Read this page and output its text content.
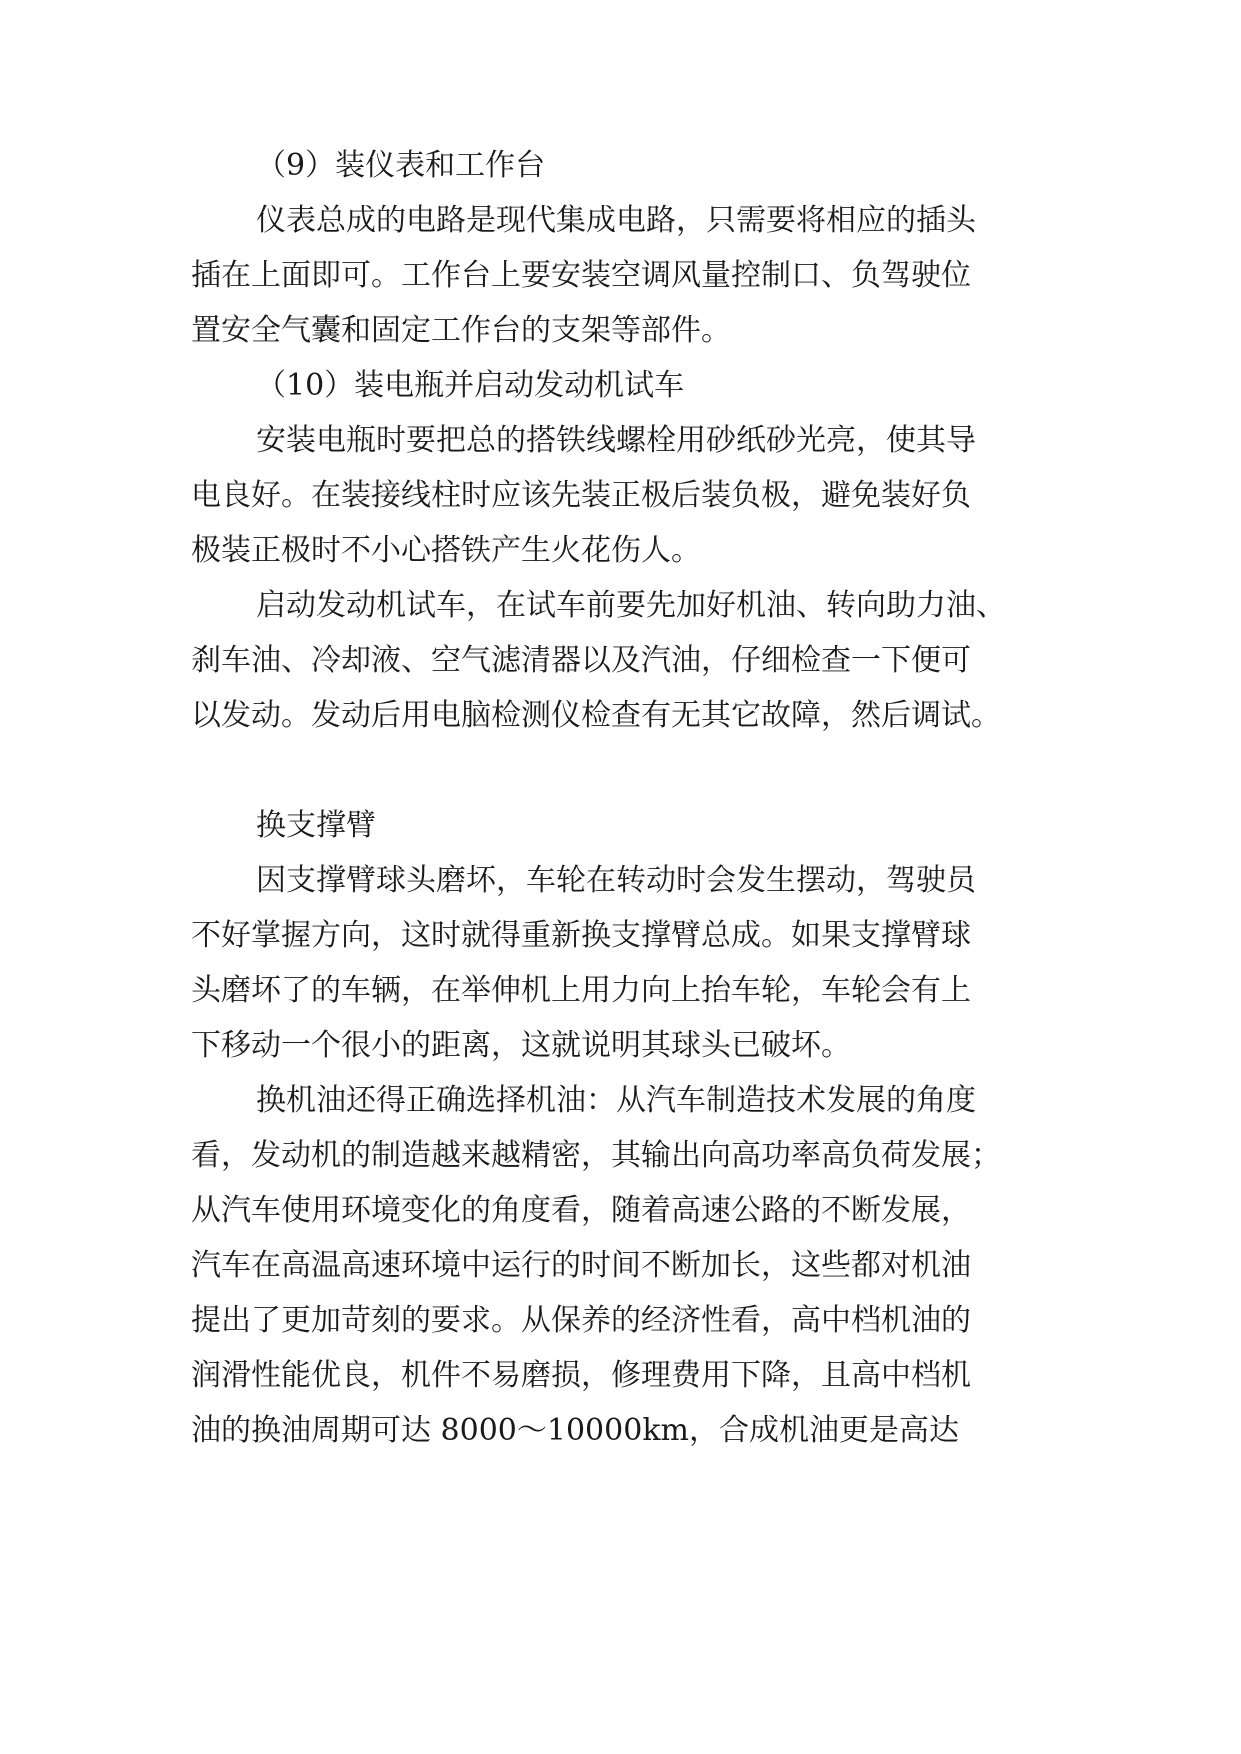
（9）装仪表和工作台
仪表总成的电路是现代集成电路，只需要将相应的插头
插在上面即可。工作台上要安装空调风量控制口、负驾驶位
置安全气囊和固定工作台的支架等部件。
（10）装电瓶并启动发动机试车
安装电瓶时要把总的搭铁线螺栓用砂纸砂光亮，使其导
电良好。在装接线柱时应该先装正极后装负极，避免装好负
极装正极时不小心搭铁产生火花伤人。
启动发动机试车，在试车前要先加好机油、转向助力油、
刹车油、冷却液、空气滤清器以及汽油，仔细检查一下便可
以发动。发动后用电脑检测仪检查有无其它故障，然后调试。
换支撑臂
因支撑臂球头磨坏，车轮在转动时会发生摆动，驾驶员
不好掌握方向，这时就得重新换支撑臂总成。如果支撑臂球
头磨坏了的车辆，在举伸机上用力向上抬车轮，车轮会有上
下移动一个很小的距离，这就说明其球头已破坏。
换机油还得正确选择机油：从汽车制造技术发展的角度
看，发动机的制造越来越精密，其输出向高功率高负荷发展；
从汽车使用环境变化的角度看，随着高速公路的不断发展，
汽车在高温高速环境中运行的时间不断加长，这些都对机油
提出了更加苛刻的要求。从保养的经济性看，高中档机油的
润滑性能优良，机件不易磨损，修理费用下降，且高中档机
油的换油周期可达 8000～10000km，合成机油更是高达
